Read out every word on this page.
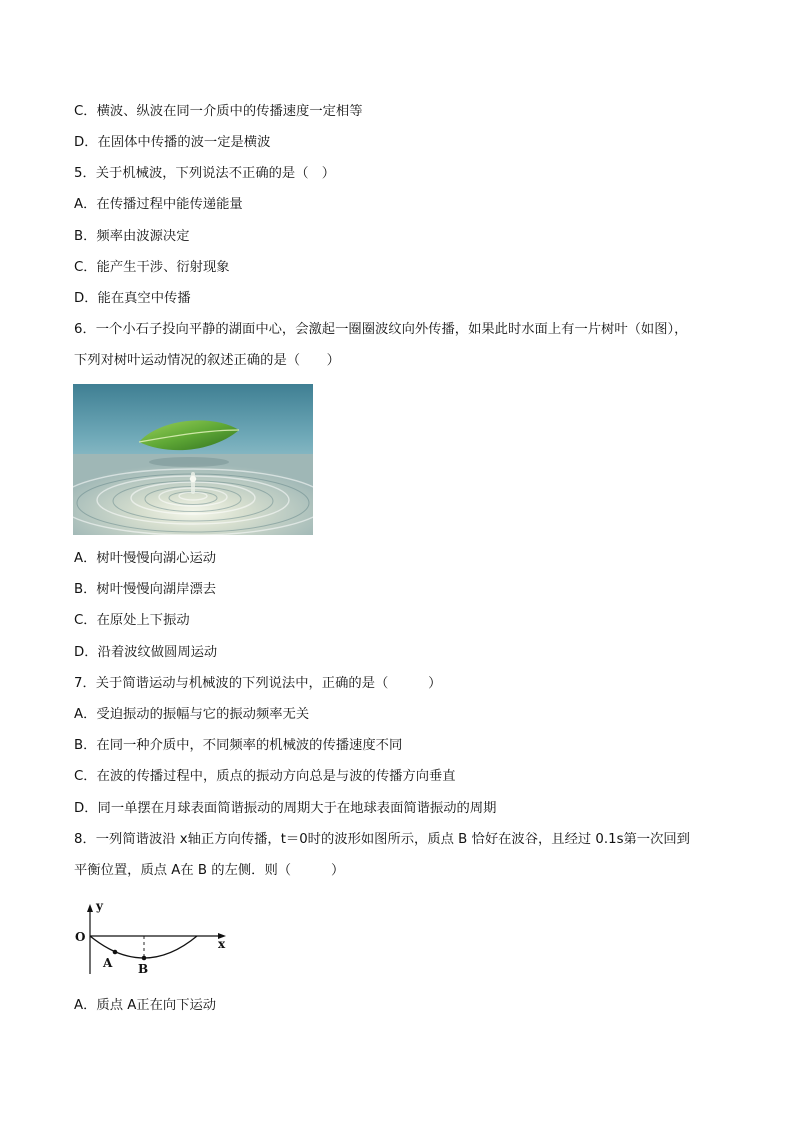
C．横波、纵波在同一介质中的传播速度一定相等
D．在固体中传播的波一定是横波
5．关于机械波，下列说法不正确的是（　）
A．在传播过程中能传递能量
B．频率由波源决定
C．能产生干涉、衍射现象
D．能在真空中传播
6．一个小石子投向平静的湖面中心，会激起一圈圈波纹向外传播，如果此时水面上有一片树叶（如图），
下列对树叶运动情况的叙述正确的是（　　）
A．树叶慢慢向湖心运动
B．树叶慢慢向湖岸漂去
C．在原处上下振动
D．沿着波纹做圆周运动
7．关于简谐运动与机械波的下列说法中，正确的是（　　　）
A．受迫振动的振幅与它的振动频率无关
B．在同一种介质中，不同频率的机械波的传播速度不同
C．在波的传播过程中，质点的振动方向总是与波的传播方向垂直
D．同一单摆在月球表面简谐振动的周期大于在地球表面简谐振动的周期
8．一列简谐波沿 x轴正方向传播，t＝0时的波形如图所示，质点 B 恰好在波谷，且经过 0.1s第一次回到
平衡位置，质点 A在 B 的左侧．则（　　　）
A．质点 A正在向下运动
O
y
x
A B
